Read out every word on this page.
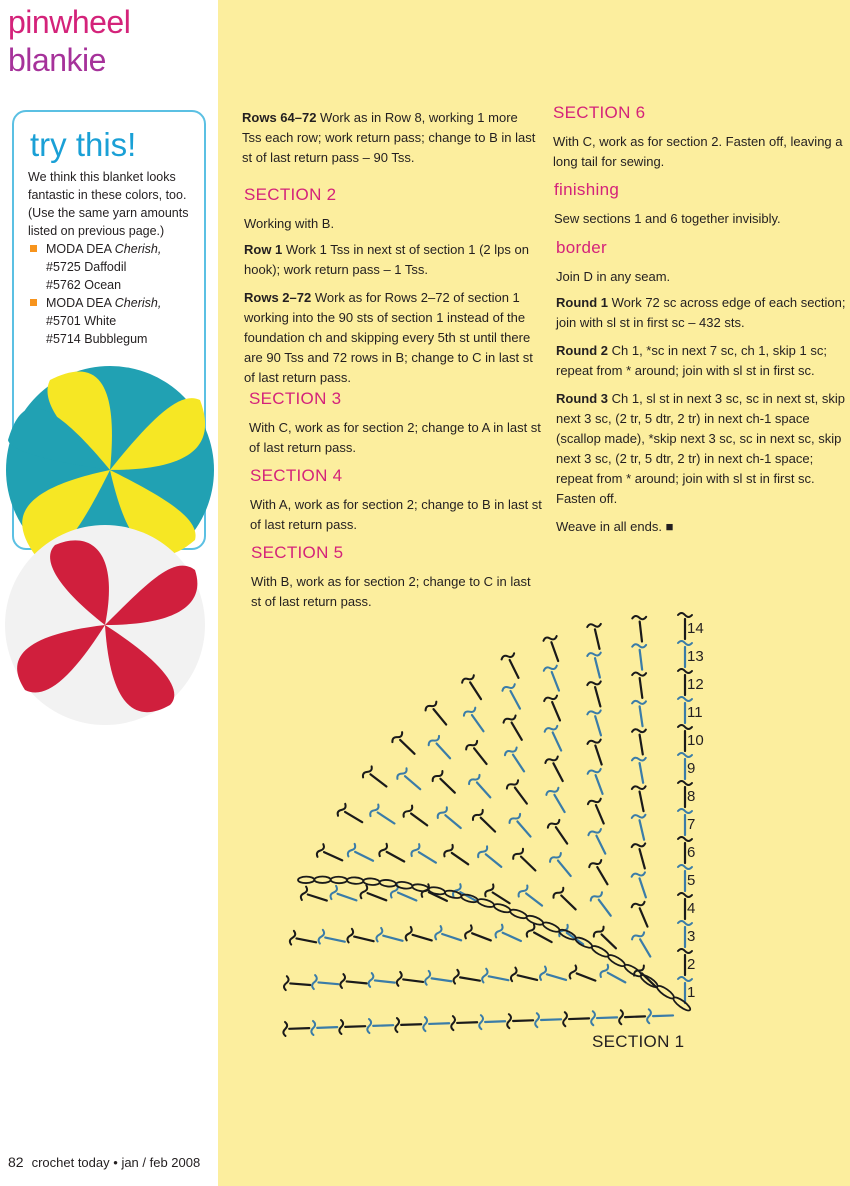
pinwheel
blankie
try this!
We think this blanket looks fantastic in these colors, too. (Use the same yarn amounts listed on previous page.)
MODA DEA Cherish,
#5725 Daffodil
#5762 Ocean
MODA DEA Cherish,
#5701 White
#5714 Bubblegum

Rows 64–72 Work as in Row 8, working 1 more Tss each row; work return pass; change to B in last st of last return pass – 90 Tss.

SECTION 2

Working with B.

Row 1 Work 1 Tss in next st of section 1 (2 lps on hook); work return pass – 1 Tss.

Rows 2–72 Work as for Rows 2–72 of section 1 working into the 90 sts of section 1 instead of the foundation ch and skipping every 5th st until there are 90 Tss and 72 rows in B; change to C in last st of last return pass.

SECTION 3

With C, work as for section 2; change to A in last st of last return pass.

SECTION 4

With A, work as for section 2; change to B in last st of last return pass.

SECTION 5

With B, work as for section 2; change to C in last st of last return pass.

SECTION 6

With C, work as for section 2. Fasten off, leaving a long tail for sewing.

finishing

Sew sections 1 and 6 together invisibly.

border

Join D in any seam.

Round 1 Work 72 sc across edge of each section; join with sl st in first sc – 432 sts.

Round 2 Ch 1, *sc in next 7 sc, ch 1, skip 1 sc; repeat from * around; join with sl st in first sc.

Round 3 Ch 1, sl st in next 3 sc, sc in next st, skip next 3 sc, (2 tr, 5 dtr, 2 tr) in next ch-1 space (scallop made), *skip next 3 sc, sc in next sc, skip next 3 sc, (2 tr, 5 dtr, 2 tr) in next ch-1 space; repeat from * around; join with sl st in first sc. Fasten off.

Weave in all ends. ■

1
2
3
4
5
6
7
8
9
10
11
12
13
14
SECTION 1
82 crochet today • jan / feb 2008
